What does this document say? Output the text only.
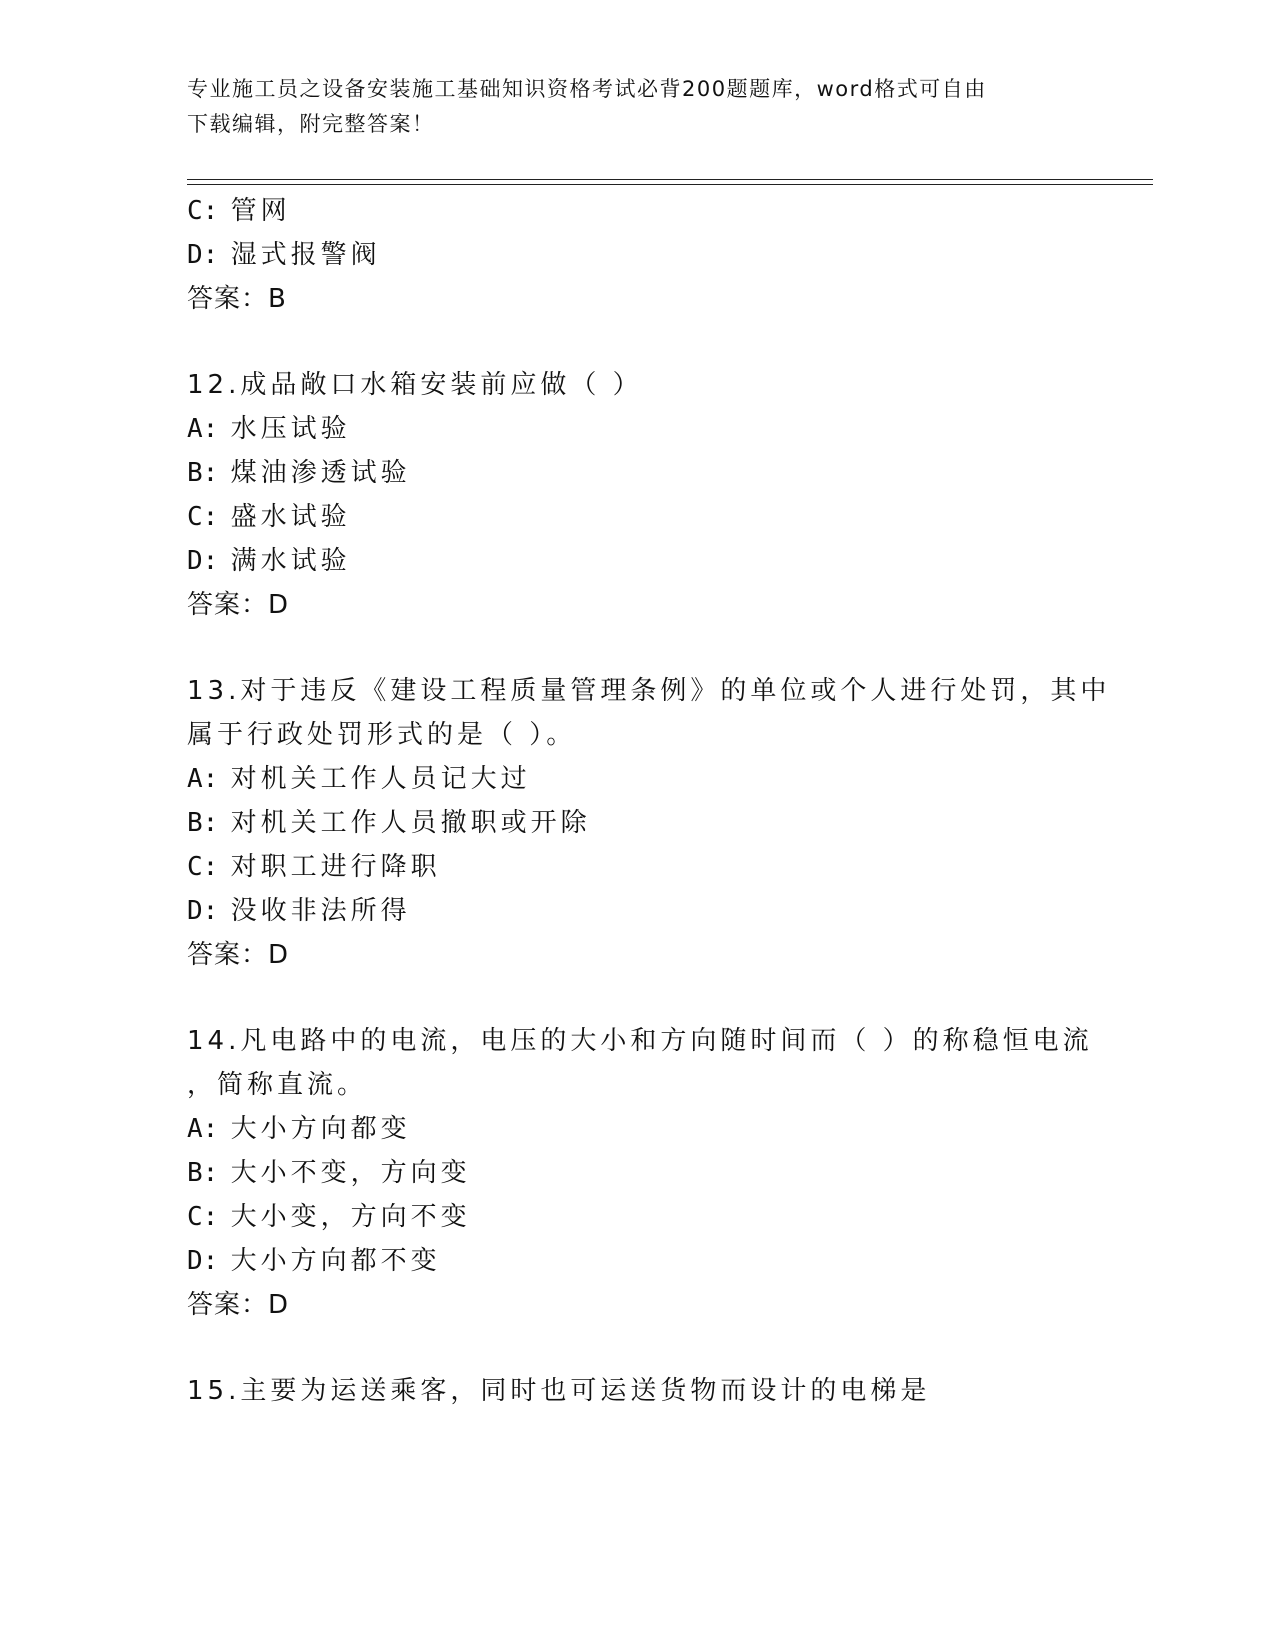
专业施工员之设备安装施工基础知识资格考试必背200题题库，word格式可自由
下载编辑，附完整答案！
C: 管网
D: 湿式报警阀
答案：B
12.成品敞口水箱安装前应做（ ）
A: 水压试验
B: 煤油渗透试验
C: 盛水试验
D: 满水试验
答案：D
13.对于违反《建设工程质量管理条例》的单位或个人进行处罚，其中
属于行政处罚形式的是（ ）。
A: 对机关工作人员记大过
B: 对机关工作人员撤职或开除
C: 对职工进行降职
D: 没收非法所得
答案：D
14.凡电路中的电流，电压的大小和方向随时间而（ ）的称稳恒电流
，简称直流。
A: 大小方向都变
B: 大小不变，方向变
C: 大小变，方向不变
D: 大小方向都不变
答案：D
15.主要为运送乘客，同时也可运送货物而设计的电梯是
